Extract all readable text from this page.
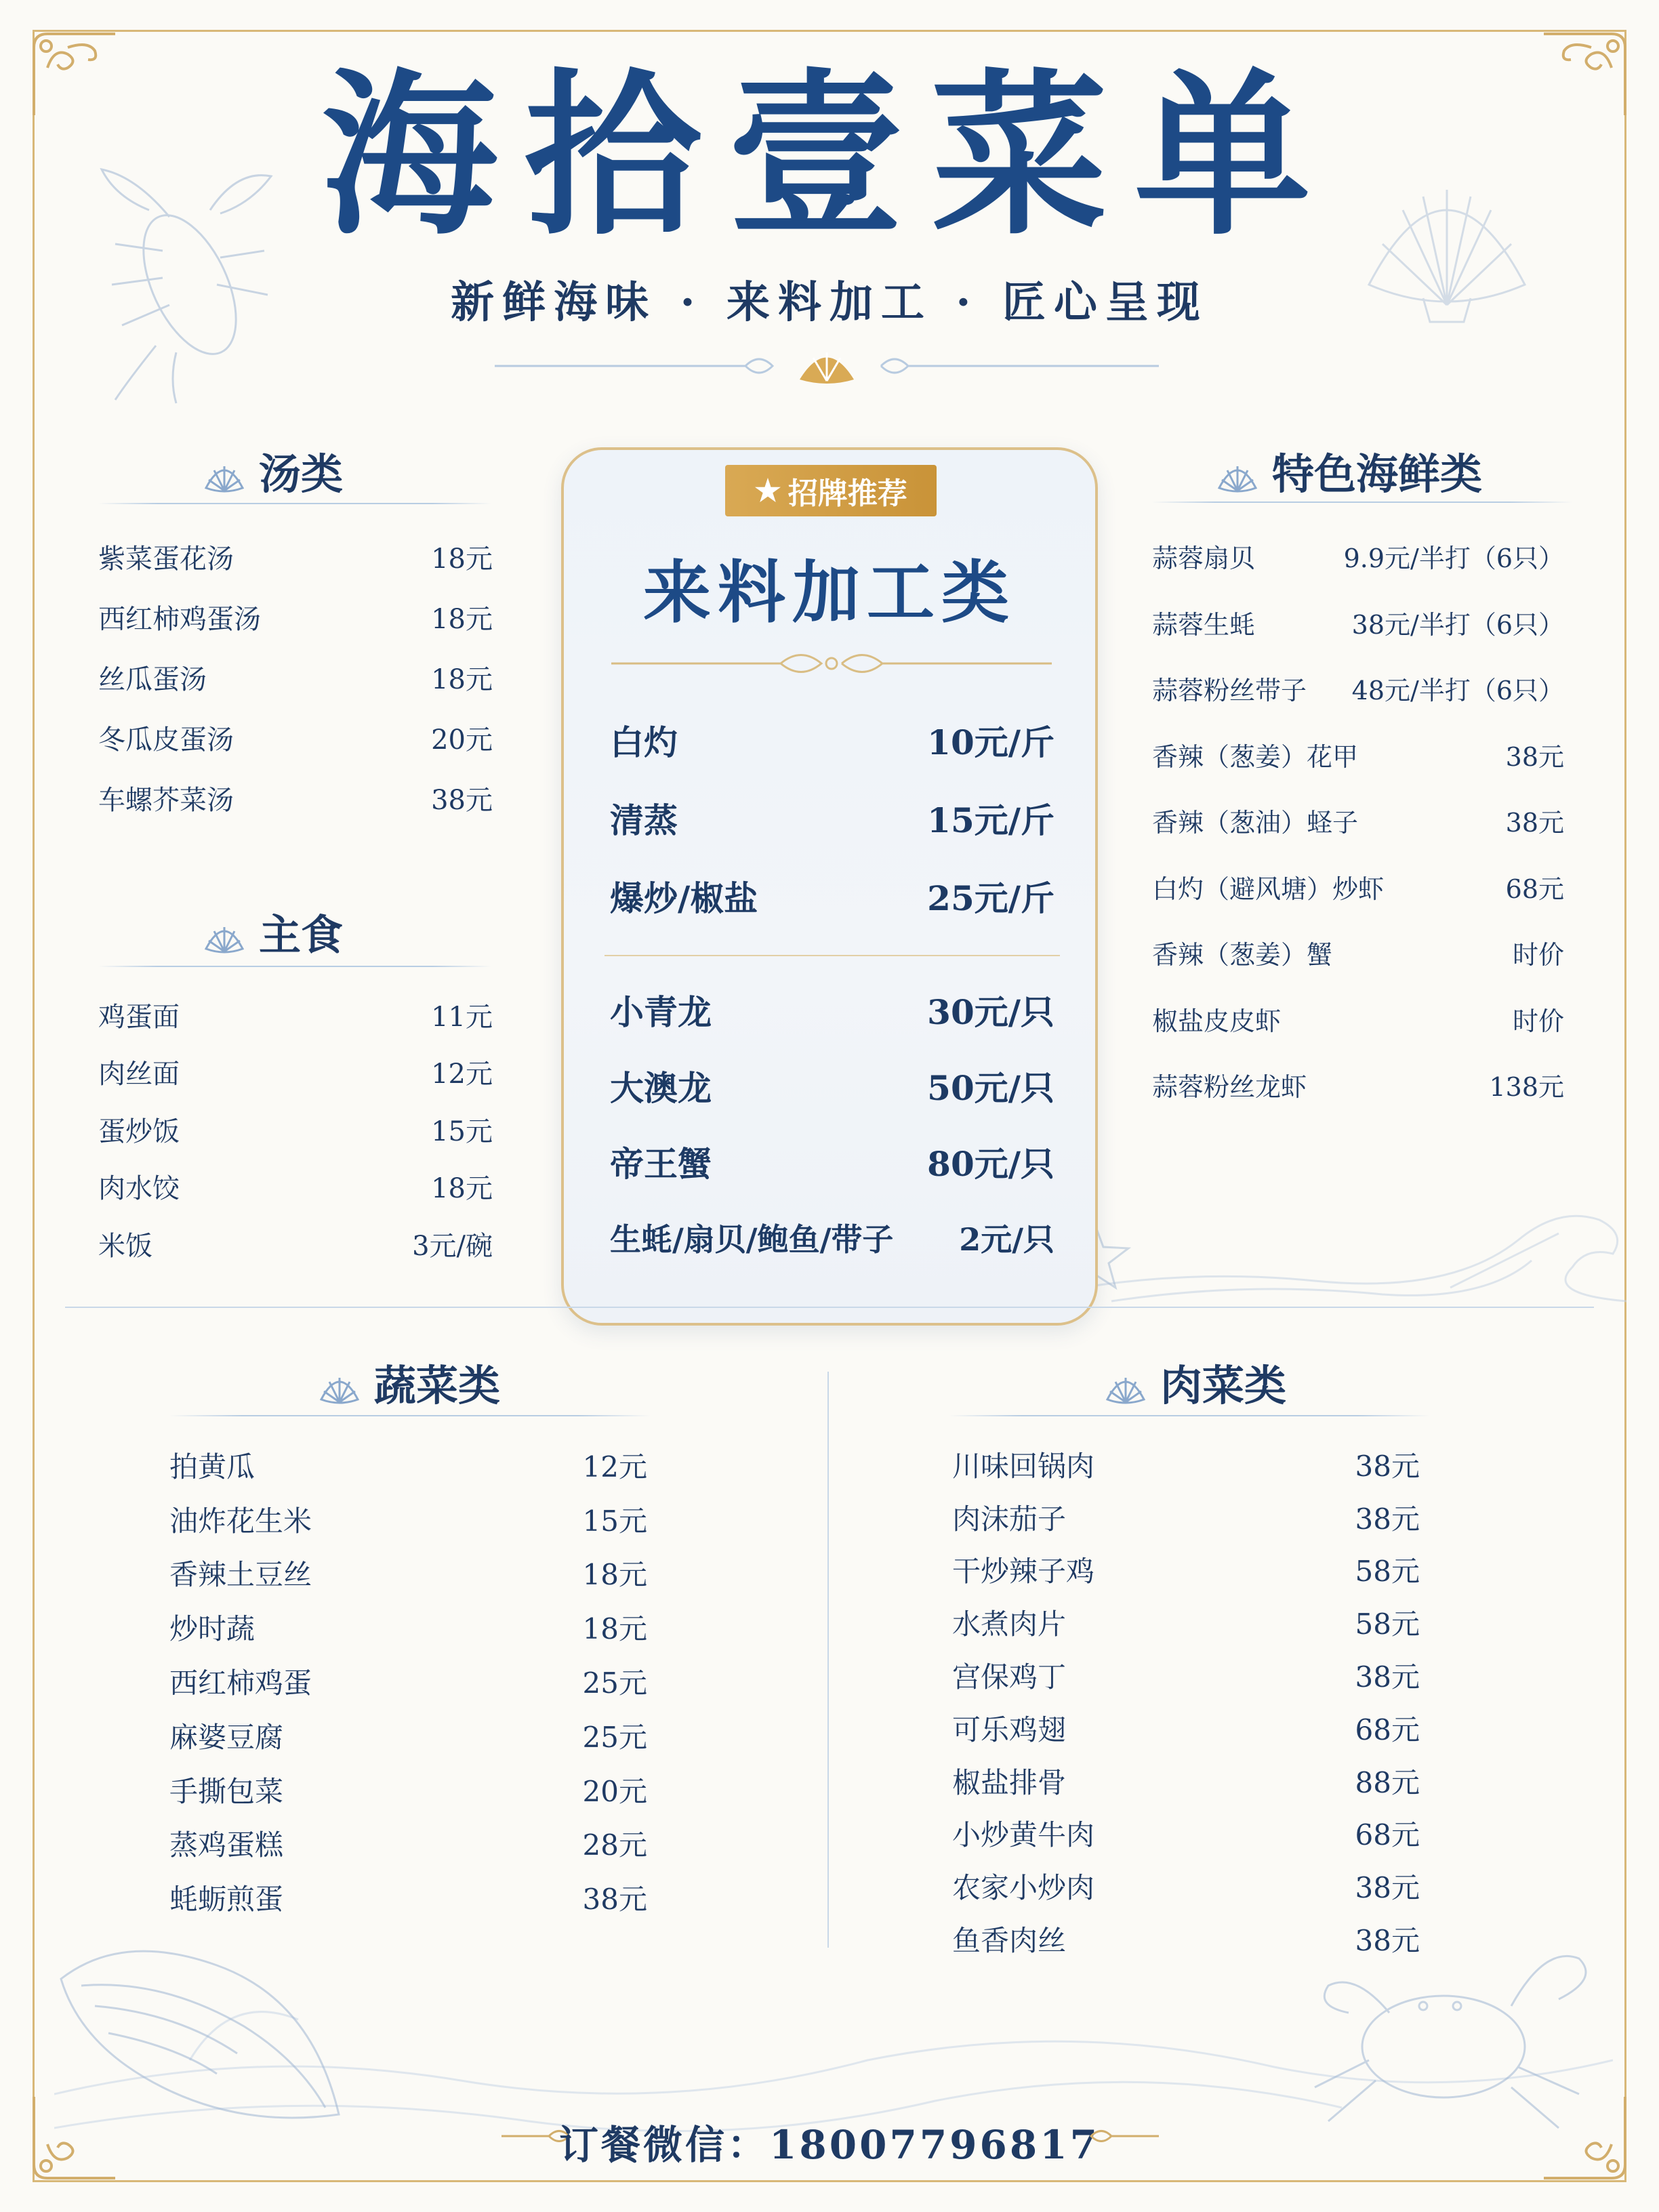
海拾壹菜单
新鲜海味 · 来料加工 · 匠心呈现
汤类
紫菜蛋花汤	18元
西红柿鸡蛋汤	18元
丝瓜蛋汤	18元
冬瓜皮蛋汤	20元
车螺芥菜汤	38元
主食
鸡蛋面	11元
肉丝面	12元
蛋炒饭	15元
肉水饺	18元
米饭	3元/碗
★ 招牌推荐
来料加工类
白灼	10元/斤
清蒸	15元/斤
爆炒/椒盐	25元/斤
小青龙	30元/只
大澳龙	50元/只
帝王蟹	80元/只
生蚝/扇贝/鲍鱼/带子 2元/只
特色海鲜类
蒜蓉扇贝	9.9元/半打（6只）
蒜蓉生蚝	38元/半打（6只）
蒜蓉粉丝带子 48元/半打（6只）
香辣（葱姜）花甲	38元
香辣（葱油）蛏子	38元
白灼（避风塘）炒虾	68元
香辣（葱姜）蟹	时价
椒盐皮皮虾	时价
蒜蓉粉丝龙虾	138元
蔬菜类
拍黄瓜	12元
油炸花生米	15元
香辣土豆丝	18元
炒时蔬	18元
西红柿鸡蛋	25元
麻婆豆腐	25元
手撕包菜	20元
蒸鸡蛋糕	28元
蚝蛎煎蛋	38元
肉菜类
川味回锅肉	38元
肉沫茄子	38元
干炒辣子鸡	58元
水煮肉片	58元
宫保鸡丁	38元
可乐鸡翅	68元
椒盐排骨	88元
小炒黄牛肉	68元
农家小炒肉	38元
鱼香肉丝	38元
订餐微信：18007796817
